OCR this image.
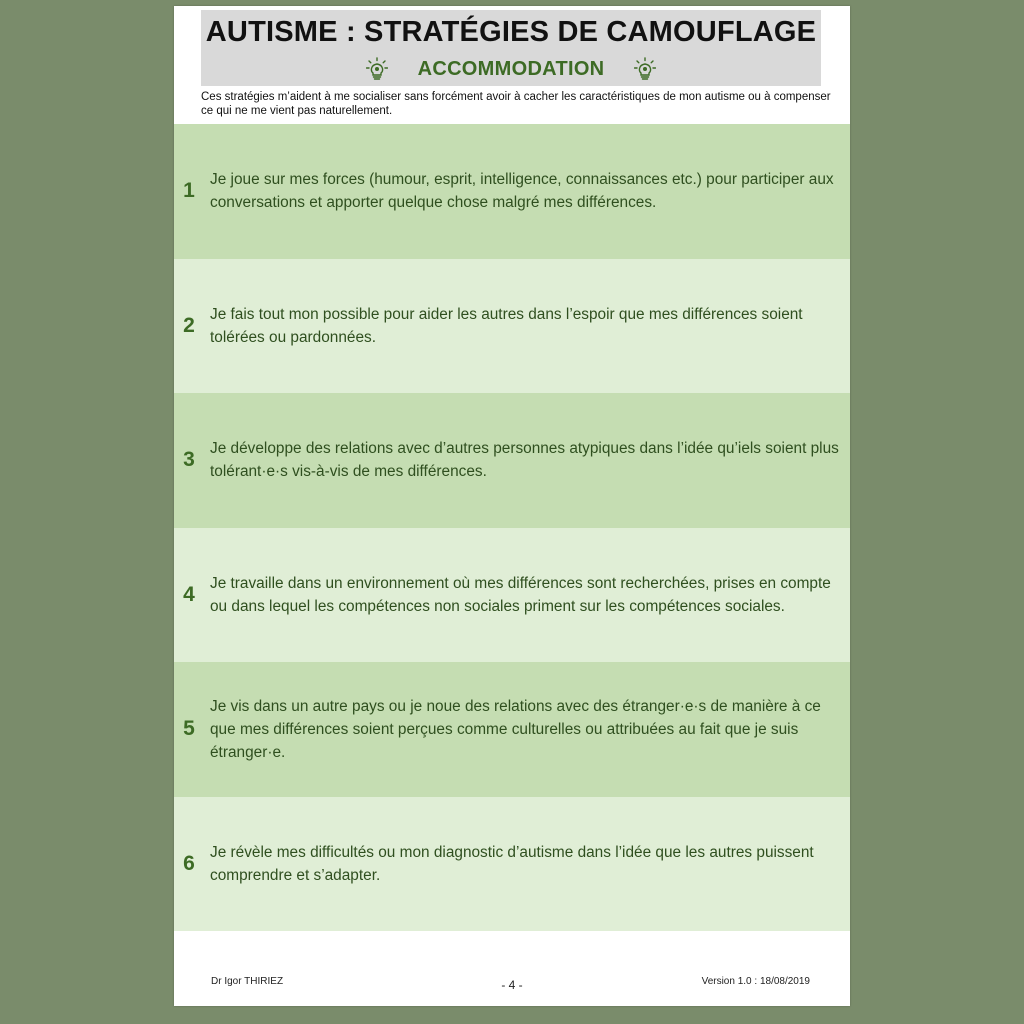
AUTISME : STRATÉGIES DE CAMOUFLAGE
ACCOMMODATION
Ces stratégies m’aident à me socialiser sans forcément avoir à cacher les caractéristiques de mon autisme ou à compenser ce qui ne me vient pas naturellement.
1 Je joue sur mes forces (humour, esprit, intelligence, connaissances etc.) pour participer aux conversations et apporter quelque chose malgré mes différences.
2 Je fais tout mon possible pour aider les autres dans l’espoir que mes différences soient tolérées ou pardonnées.
3 Je développe des relations avec d’autres personnes atypiques dans l’idée qu’iels soient plus tolérant·e·s vis-à-vis de mes différences.
4 Je travaille dans un environnement où mes différences sont recherchées, prises en compte ou dans lequel les compétences non sociales priment sur les compétences sociales.
5
Je vis dans un autre pays ou je noue des relations avec des étranger·e·s de manière à ce que mes différences soient perçues comme culturelles ou attribuées au fait que je suis étranger·e.
6 Je révèle mes difficultés ou mon diagnostic d’autisme dans l’idée que les autres puissent comprendre et s’adapter.
Dr Igor THIRIEZ	- 4 -	Version 1.0 : 18/08/2019
